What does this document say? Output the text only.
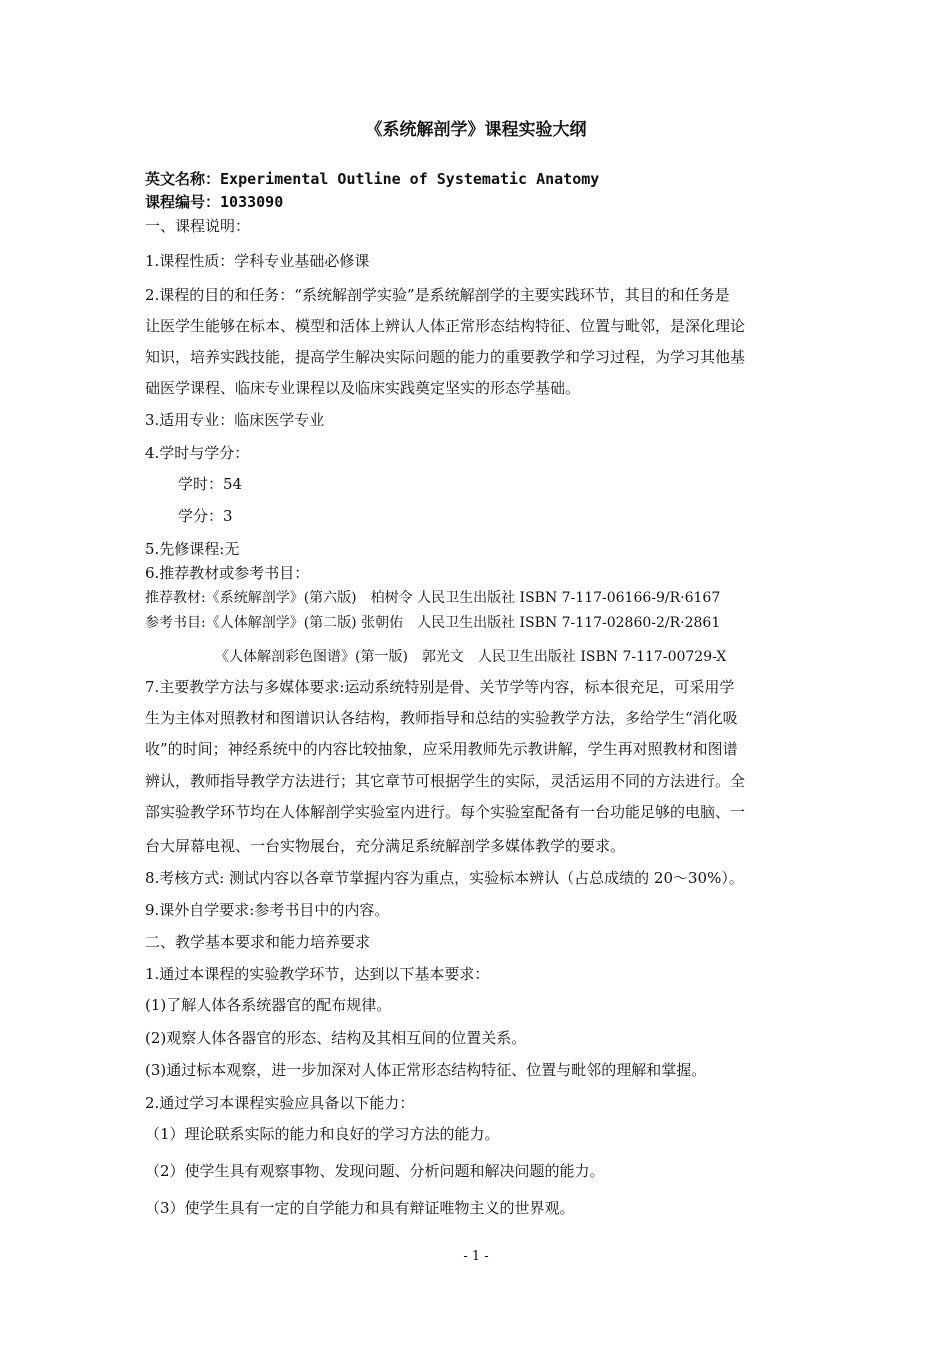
《系统解剖学》课程实验大纲
英文名称：Experimental Outline of Systematic Anatomy
课程编号：1033090
一、课程说明：
1.课程性质：学科专业基础必修课
2.课程的目的和任务：“系统解剖学实验”是系统解剖学的主要实践环节，其目的和任务是
让医学生能够在标本、模型和活体上辨认人体正常形态结构特征、位置与毗邻，是深化理论
知识，培养实践技能，提高学生解决实际问题的能力的重要教学和学习过程，为学习其他基
础医学课程、临床专业课程以及临床实践奠定坚实的形态学基础。
3.适用专业：临床医学专业
4.学时与学分：
学时：54
学分：3
5.先修课程:无
6.推荐教材或参考书目：
推荐教材:《系统解剖学》(第六版)　柏树令 人民卫生出版社 ISBN 7-117-06166-9/R·6167
参考书目:《人体解剖学》(第二版) 张朝佑　人民卫生出版社 ISBN 7-117-02860-2/R·2861
《人体解剖彩色图谱》(第一版)　郭光文　人民卫生出版社 ISBN 7-117-00729-X
7.主要教学方法与多媒体要求:运动系统特别是骨、关节学等内容，标本很充足，可采用学
生为主体对照教材和图谱识认各结构，教师指导和总结的实验教学方法，多给学生“消化吸
收”的时间；神经系统中的内容比较抽象，应采用教师先示教讲解，学生再对照教材和图谱
辨认，教师指导教学方法进行；其它章节可根据学生的实际，灵活运用不同的方法进行。全
部实验教学环节均在人体解剖学实验室内进行。每个实验室配备有一台功能足够的电脑、一
台大屏幕电视、一台实物展台，充分满足系统解剖学多媒体教学的要求。
8.考核方式: 测试内容以各章节掌握内容为重点，实验标本辨认（占总成绩的 20～30%）。
9.课外自学要求:参考书目中的内容。
二、教学基本要求和能力培养要求
1.通过本课程的实验教学环节，达到以下基本要求：
(1)了解人体各系统器官的配布规律。
(2)观察人体各器官的形态、结构及其相互间的位置关系。
(3)通过标本观察，进一步加深对人体正常形态结构特征、位置与毗邻的理解和掌握。
2.通过学习本课程实验应具备以下能力：
（1）理论联系实际的能力和良好的学习方法的能力。
（2）使学生具有观察事物、发现问题、分析问题和解决问题的能力。
（3）使学生具有一定的自学能力和具有辩证唯物主义的世界观。
- 1 -
